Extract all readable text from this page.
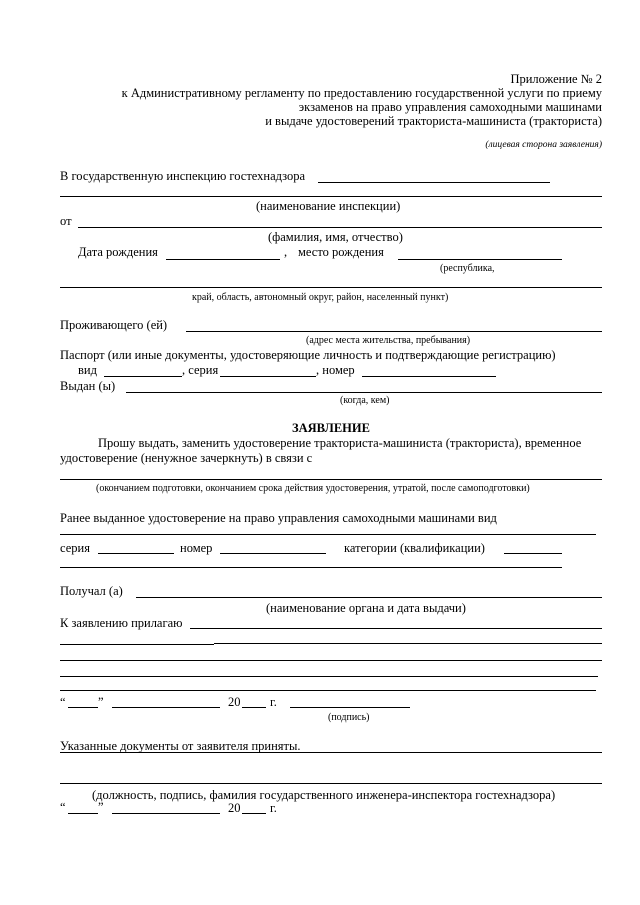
Приложение № 2
к Административному регламенту по предоставлению государственной услуги по приему
экзаменов на право управления самоходными машинами
и выдаче удостоверений тракториста-машиниста (тракториста)
(лицевая сторона заявления)
В государственную инспекцию гостехнадзора
(наименование инспекции)
от
(фамилия, имя, отчество)
Дата рождения	, место рождения
(республика,
край, область, автономный округ, район, населенный пункт)
Проживающего (ей)
(адрес места жительства, пребывания)
Паспорт (или иные документы, удостоверяющие личность и подтверждающие регистрацию)
вид	, серия	, номер
Выдан (ы)
(когда, кем)
ЗАЯВЛЕНИЕ
Прошу выдать, заменить удостоверение тракториста-машиниста (тракториста), временное
удостоверение (ненужное зачеркнуть) в связи с
(окончанием подготовки, окончанием срока действия удостоверения, утратой, после самоподготовки)
Ранее выданное удостоверение на право управления самоходными машинами вид
серия	номер	категории (квалификации)
Получал (а)
(наименование органа и дата выдачи)
К заявлению прилагаю
“	”	20 г.
(подпись)
Указанные документы от заявителя приняты.
(должность, подпись, фамилия государственного инженера-инспектора гостехнадзора)
“	”	20 г.
